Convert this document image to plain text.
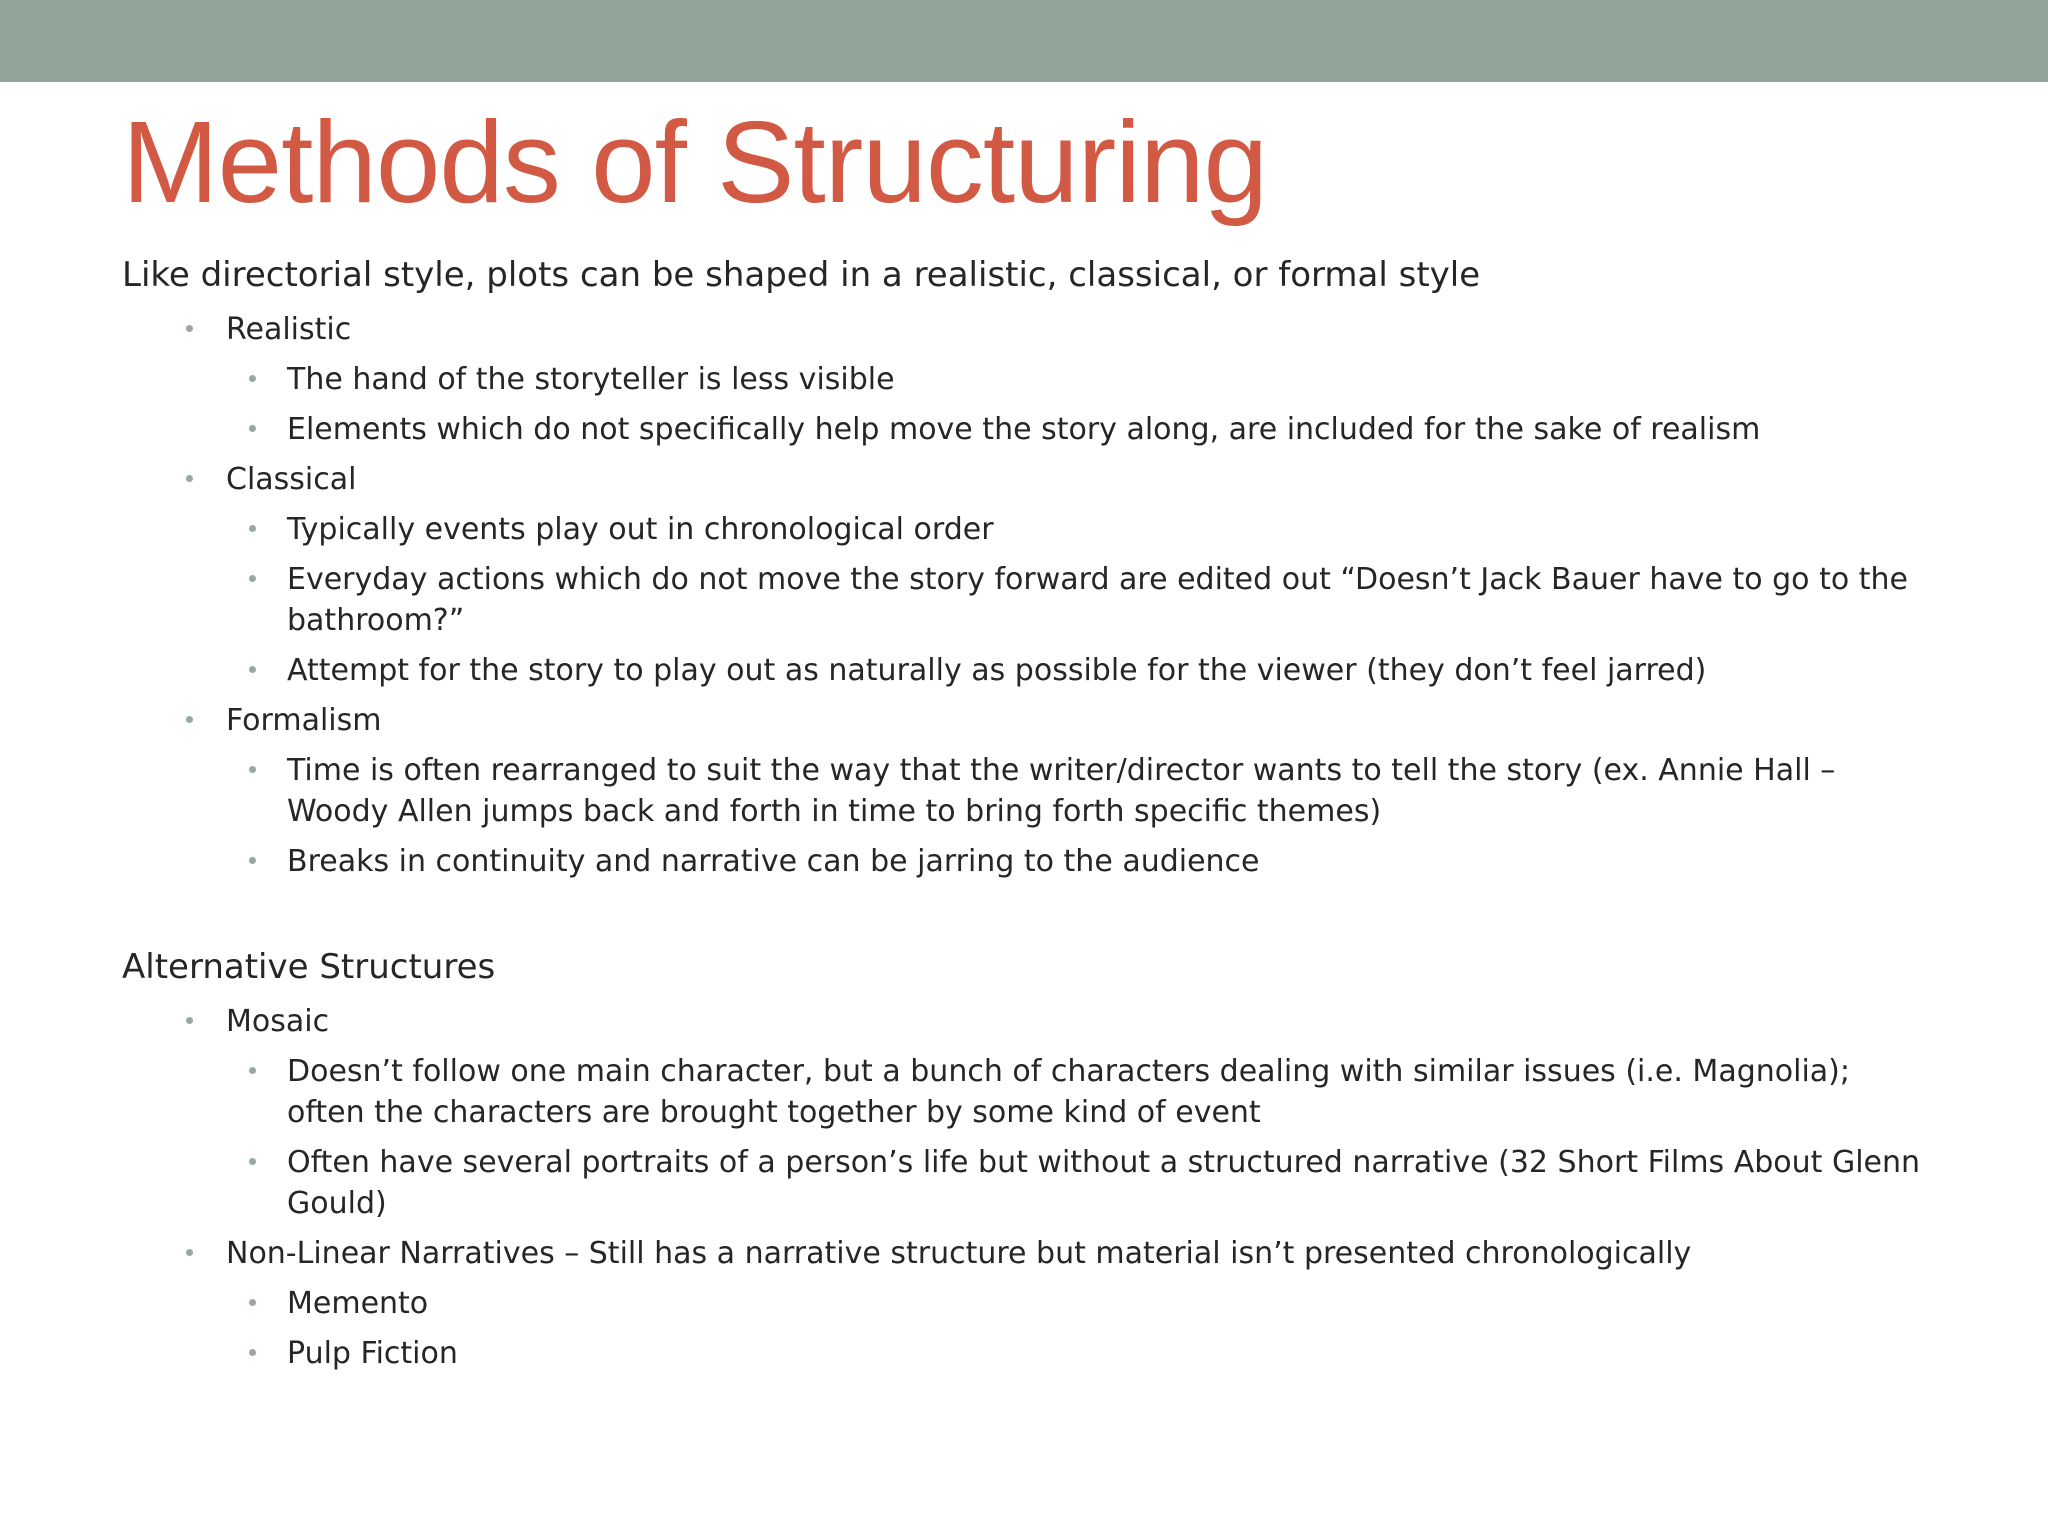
Methods of Structuring

Like directorial style, plots can be shaped in a realistic, classical, or formal style

Realistic
The hand of the storyteller is less visible
Elements which do not specifically help move the story along, are included for the sake of realism
Classical
Typically events play out in chronological order
Everyday actions which do not move the story forward are edited out “Doesn’t Jack Bauer have to go to the bathroom?”
Attempt for the story to play out as naturally as possible for the viewer (they don’t feel jarred)
Formalism
Time is often rearranged to suit the way that the writer/director wants to tell the story (ex. Annie Hall – Woody Allen jumps back and forth in time to bring forth specific themes)
Breaks in continuity and narrative can be jarring to the audience

Alternative Structures

Mosaic
Doesn’t follow one main character, but a bunch of characters dealing with similar issues (i.e. Magnolia); often the characters are brought together by some kind of event
Often have several portraits of a person’s life but without a structured narrative (32 Short Films About Glenn Gould)
Non-Linear Narratives – Still has a narrative structure but material isn’t presented chronologically
Memento
Pulp Fiction
